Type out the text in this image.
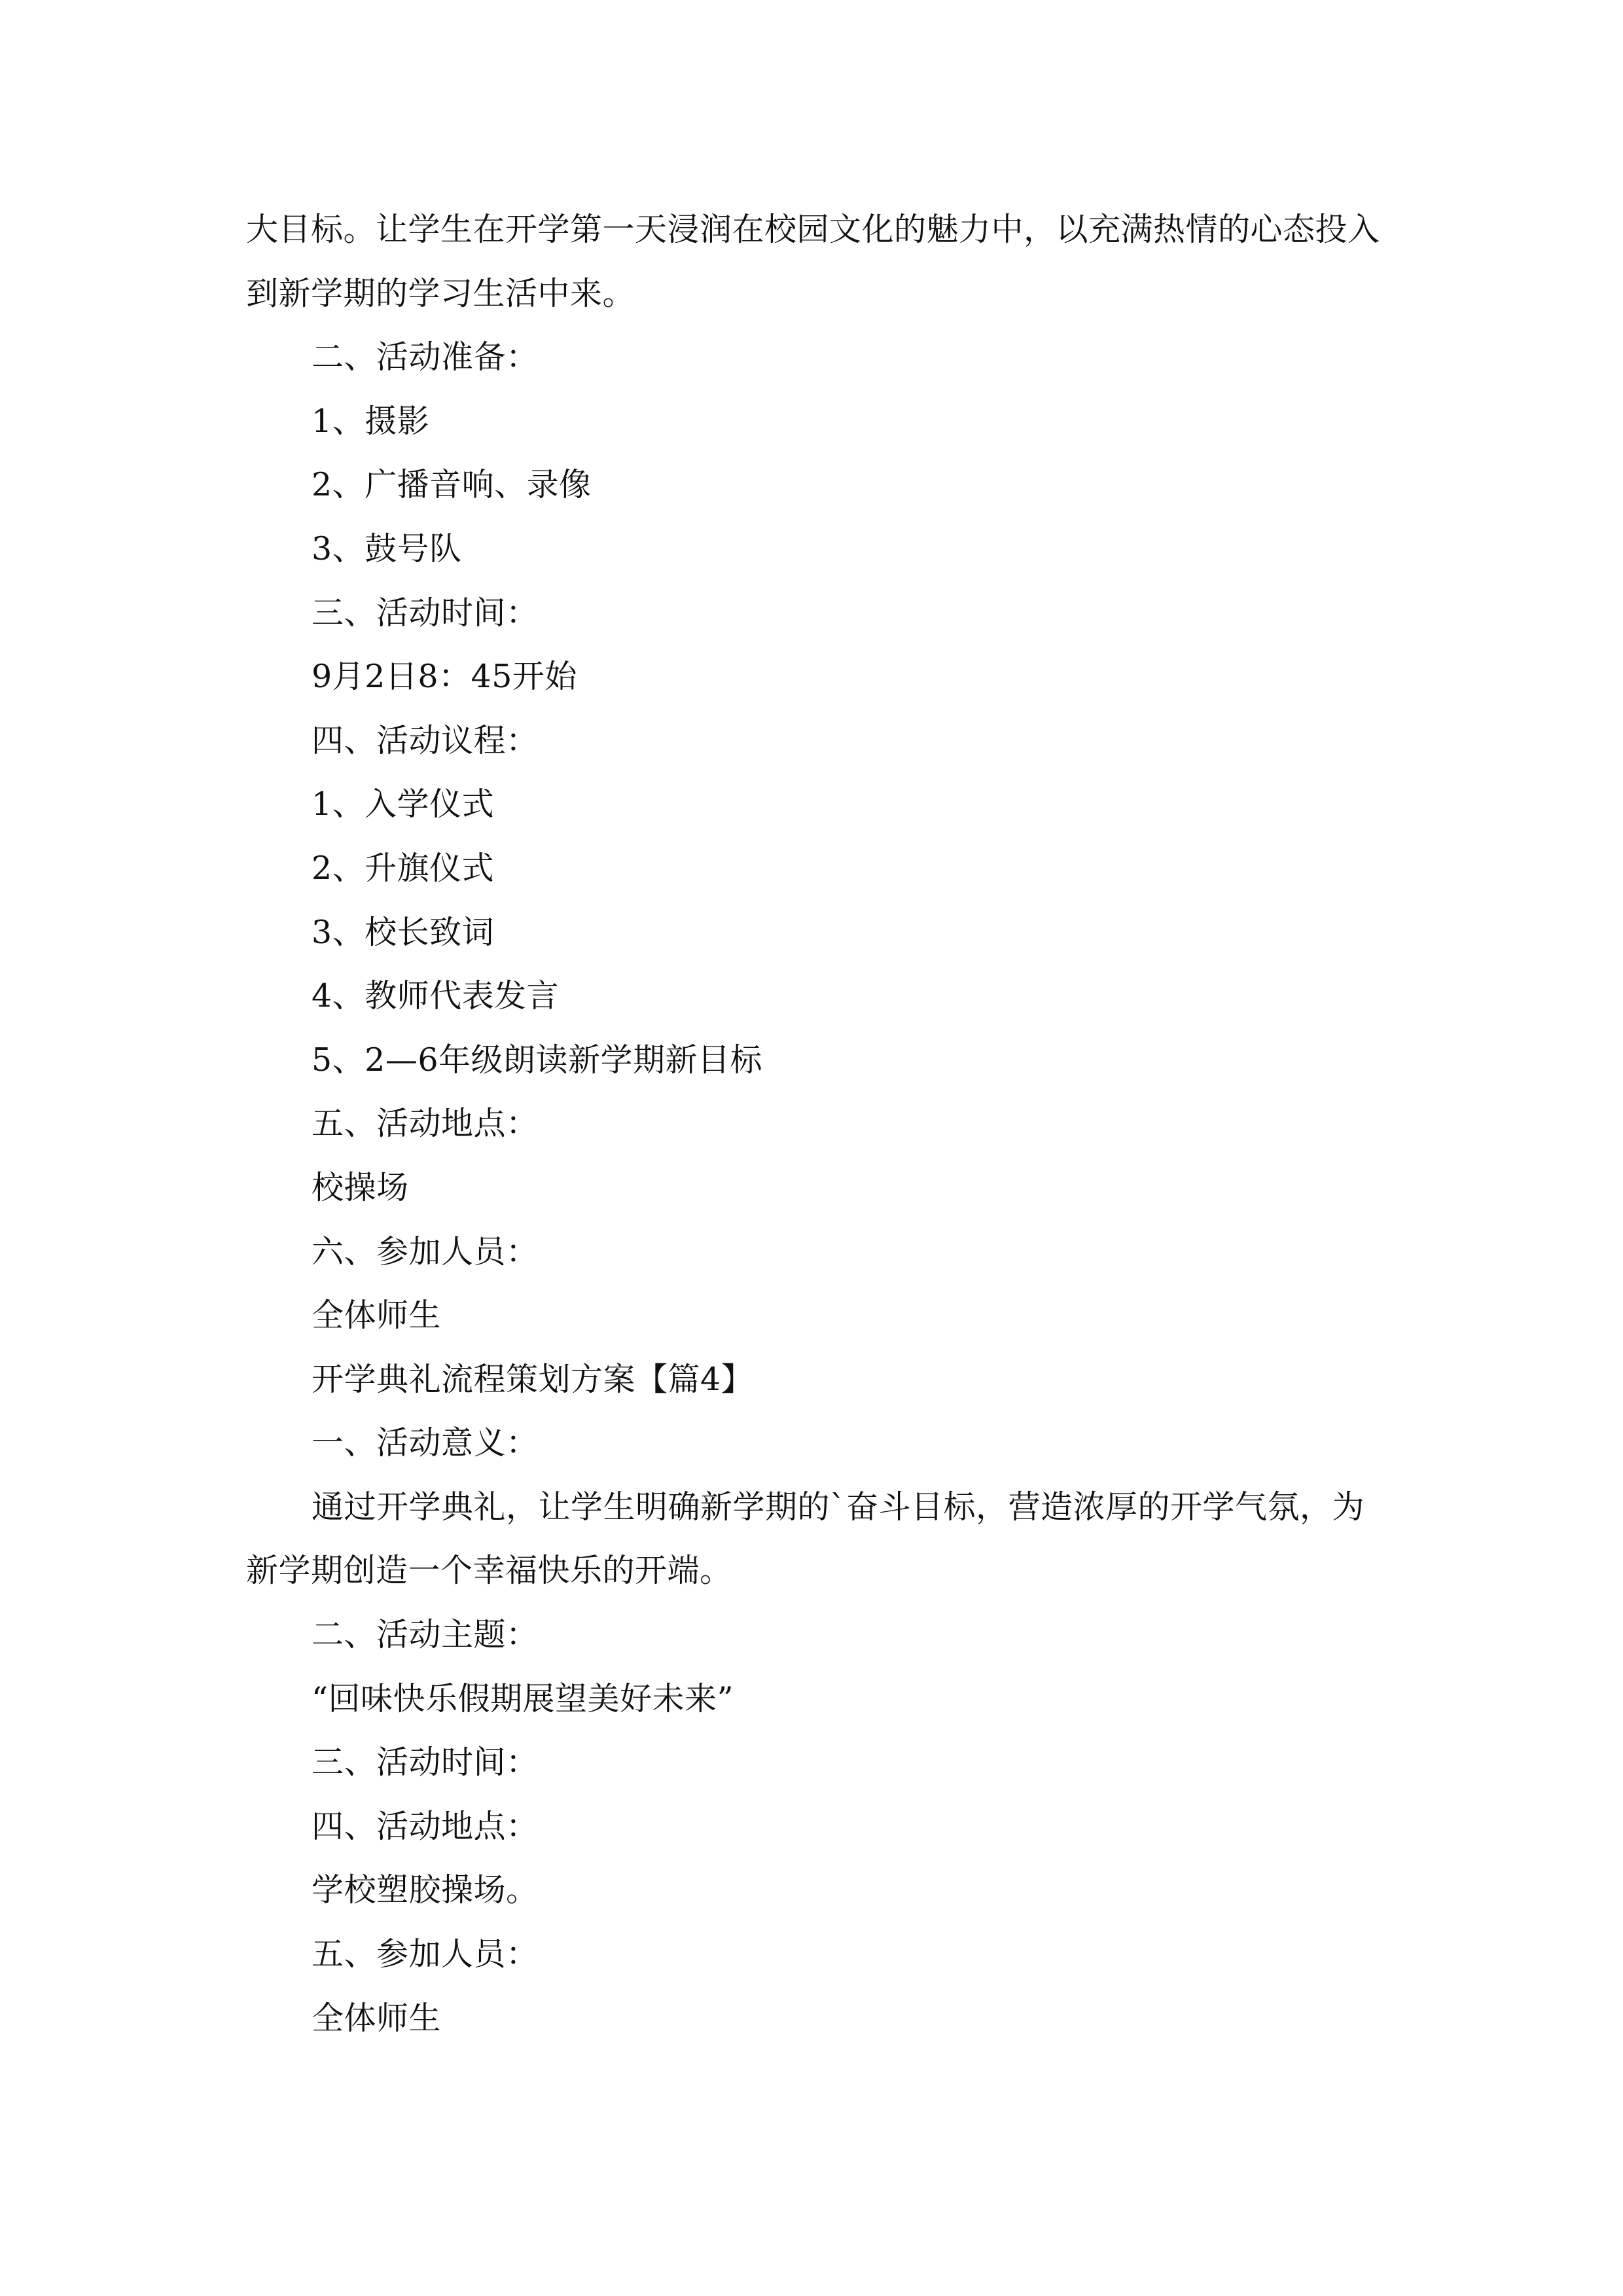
大目标。让学生在开学第一天浸润在校园文化的魅力中，以充满热情的心态投入
到新学期的学习生活中来。
二、活动准备：
1、摄影
2、广播音响、录像
3、鼓号队
三、活动时间：
9月2日8：45开始
四、活动议程：
1、入学仪式
2、升旗仪式
3、校长致词
4、教师代表发言
5、2—6年级朗读新学期新目标
五、活动地点：
校操场
六、参加人员：
全体师生
开学典礼流程策划方案【篇4】
一、活动意义：
通过开学典礼，让学生明确新学期的`奋斗目标，营造浓厚的开学气氛，为
新学期创造一个幸福快乐的开端。
二、活动主题：
“回味快乐假期展望美好未来”
三、活动时间：
四、活动地点：
学校塑胶操场。
五、参加人员：
全体师生
